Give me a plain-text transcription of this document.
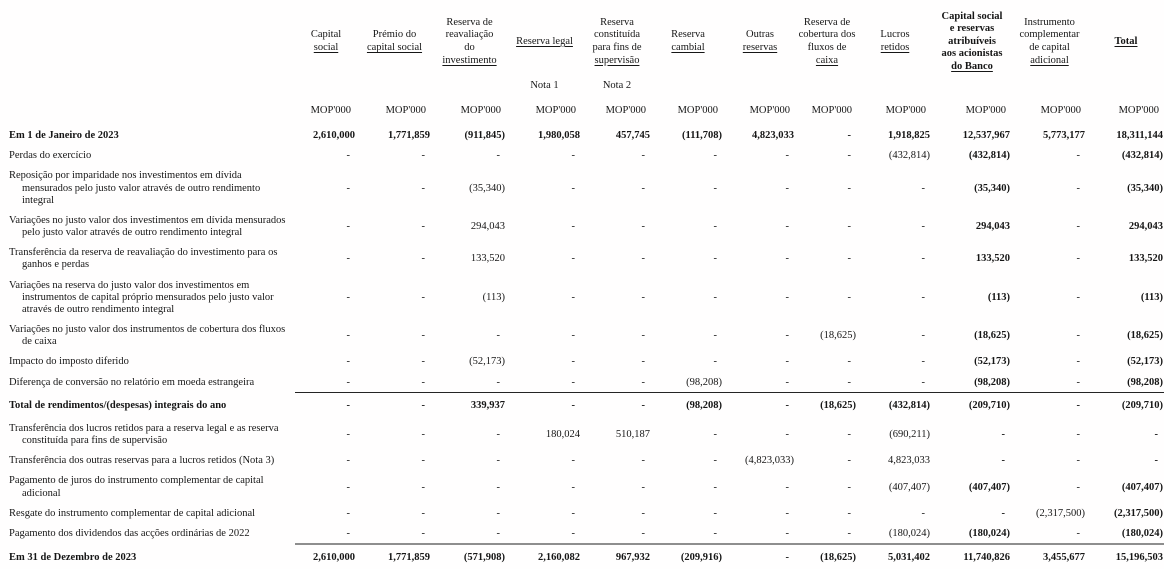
	Capital
social	Prémio do
capital social	Reserva de
reavaliação
do
investimento	Reserva legal	Reserva
constituída
para fins de
supervisão	Reserva
cambial	Outras
reservas	Reserva de
cobertura dos
fluxos de
caixa	Lucros
retidos	Capital social
e reservas
atribuíveis
aos acionistas
do Banco	Instrumento
complementar
de capital
adicional	Total

				Nota 1	Nota 2							
	MOP'000	MOP'000	MOP'000	MOP'000	MOP'000	MOP'000	MOP'000	MOP'000	MOP'000	MOP'000	MOP'000	MOP'000

Em 1 de Janeiro de 2023	2,610,000	1,771,859	(911,845)	1,980,058	457,745	(111,708)	4,823,033	-	1,918,825	12,537,967	5,773,177	18,311,144

Perdas do exercício	-	-	-	-	-	-	-	-	(432,814)	(432,814)	-	(432,814)

Reposição por imparidade nos investimentos em dívida mensurados pelo justo valor através de outro rendimento integral	-	-	(35,340)	-	-	-	-	-	-	(35,340)	-	(35,340)

Variações no justo valor dos investimentos em dívida mensurados pelo justo valor através de outro rendimento integral	-	-	294,043	-	-	-	-	-	-	294,043	-	294,043

Transferência da reserva de reavaliação do investimento para os ganhos e perdas	-	-	133,520	-	-	-	-	-	-	133,520	-	133,520

Variações na reserva do justo valor dos investimentos em instrumentos de capital próprio mensurados pelo justo valor através de outro rendimento integral	-	-	(113)	-	-	-	-	-	-	(113)	-	(113)

Variações no justo valor dos instrumentos de cobertura dos fluxos de caixa	-	-	-	-	-	-	-	(18,625)	-	(18,625)	-	(18,625)

Impacto do imposto diferido	-	-	(52,173)	-	-	-	-	-	-	(52,173)	-	(52,173)

Diferença de conversão no relatório em moeda estrangeira	-	-	-	-	-	(98,208)	-	-	-	(98,208)	-	(98,208)

Total de rendimentos/(despesas) integrais do ano	-	-	339,937	-	-	(98,208)	-	(18,625)	(432,814)	(209,710)	-	(209,710)

Transferência dos lucros retidos para a reserva legal e as reserva constituída para fins de supervisão	-	-	-	180,024	510,187	-	-	-	(690,211)	-	-	-

Transferência dos outras reservas para a lucros retidos (Nota 3)	-	-	-	-	-	-	(4,823,033)	-	4,823,033	-	-	-

Pagamento de juros do instrumento complementar de capital adicional	-	-	-	-	-	-	-	-	(407,407)	(407,407)	-	(407,407)

Resgate do instrumento complementar de capital adicional	-	-	-	-	-	-	-	-	-	-	(2,317,500)	(2,317,500)

Pagamento dos dividendos das acções ordinárias de 2022	-	-	-	-	-	-	-	-	(180,024)	(180,024)	-	(180,024)

Em 31 de Dezembro de 2023	2,610,000	1,771,859	(571,908)	2,160,082	967,932	(209,916)	-	(18,625)	5,031,402	11,740,826	3,455,677	15,196,503
